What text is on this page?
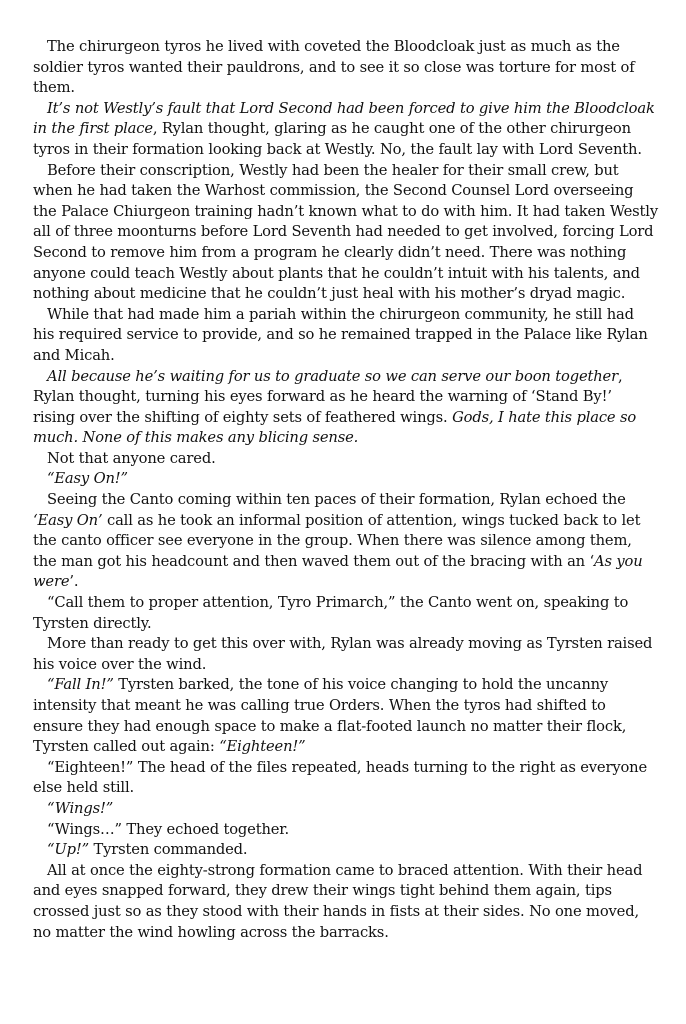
The chirurgeon tyros he lived with coveted the Bloodcloak just as much as the soldier tyros wanted their pauldrons, and to see it so close was torture for most of them.

It’s not Westly’s fault that Lord Second had been forced to give him the Bloodcloak in the first place, Rylan thought, glaring as he caught one of the other chirurgeon tyros in their formation looking back at Westly. No, the fault lay with Lord Seventh.

Before their conscription, Westly had been the healer for their small crew, but when he had taken the Warhost commission, the Second Counsel Lord overseeing the Palace Chiurgeon training hadn’t known what to do with him. It had taken Westly all of three moonturns before Lord Seventh had needed to get involved, forcing Lord Second to remove him from a program he clearly didn’t need. There was nothing anyone could teach Westly about plants that he couldn’t intuit with his talents, and nothing about medicine that he couldn’t just heal with his mother’s dryad magic.

While that had made him a pariah within the chirurgeon community, he still had his required service to provide, and so he remained trapped in the Palace like Rylan and Micah.

All because he’s waiting for us to graduate so we can serve our boon together, Rylan thought, turning his eyes forward as he heard the warning of ‘Stand By!’ rising over the shifting of eighty sets of feathered wings. Gods, I hate this place so much. None of this makes any blicing sense.

Not that anyone cared.

“Easy On!”

Seeing the Canto coming within ten paces of their formation, Rylan echoed the ‘Easy On’ call as he took an informal position of attention, wings tucked back to let the canto officer see everyone in the group. When there was silence among them, the man got his headcount and then waved them out of the bracing with an ‘As you were’.

“Call them to proper attention, Tyro Primarch,” the Canto went on, speaking to Tyrsten directly.

More than ready to get this over with, Rylan was already moving as Tyrsten raised his voice over the wind.

“Fall In!” Tyrsten barked, the tone of his voice changing to hold the uncanny intensity that meant he was calling true Orders. When the tyros had shifted to ensure they had enough space to make a flat-footed launch no matter their flock, Tyrsten called out again: “Eighteen!”

“Eighteen!” The head of the files repeated, heads turning to the right as everyone else held still.

“Wings!”

“Wings…” They echoed together.

“Up!” Tyrsten commanded.

All at once the eighty-strong formation came to braced attention. With their head and eyes snapped forward, they drew their wings tight behind them again, tips crossed just so as they stood with their hands in fists at their sides. No one moved, no matter the wind howling across the barracks.
